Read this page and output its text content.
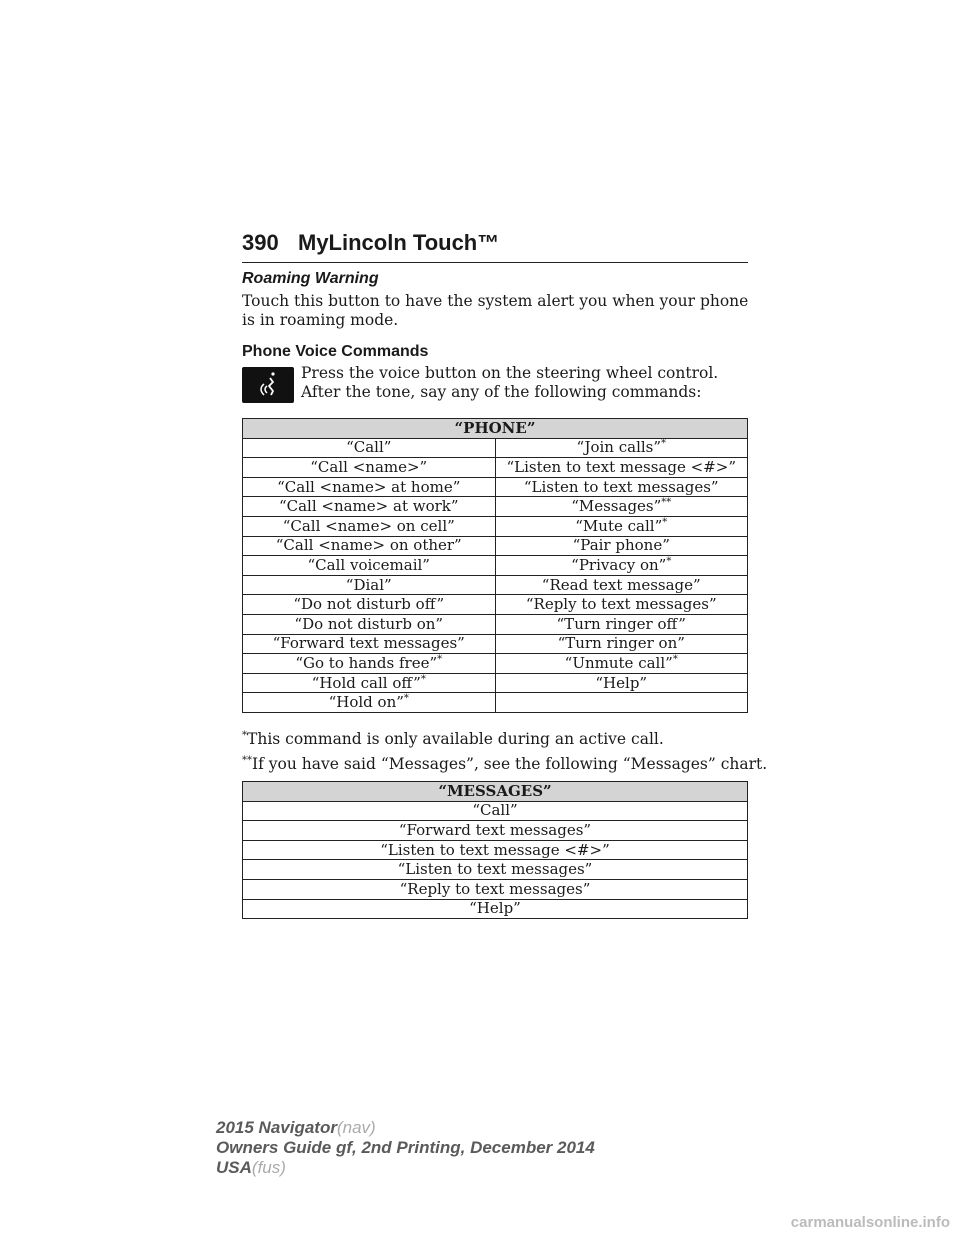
390 MyLincoln Touch™
Roaming Warning
Touch this button to have the system alert you when your phone is in roaming mode.
Phone Voice Commands
Press the voice button on the steering wheel control. After the tone, say any of the following commands:
“PHONE”	
“Call”	“Join calls”*
“Call <name>”	“Listen to text message <#>”
“Call <name> at home”	“Listen to text messages”
“Call <name> at work”	“Messages”**
“Call <name> on cell”	“Mute call”*
“Call <name> on other”	“Pair phone”
“Call voicemail”	“Privacy on”*
“Dial”	“Read text message”
“Do not disturb off”	“Reply to text messages”
“Do not disturb on”	“Turn ringer off”
“Forward text messages”	“Turn ringer on”
“Go to hands free”*	“Unmute call”*
“Hold call off”*	“Help”
“Hold on”*	
*This command is only available during an active call.
**If you have said “Messages”, see the following “Messages” chart.
“MESSAGES”
“Call”
“Forward text messages”
“Listen to text message <#>”
“Listen to text messages”
“Reply to text messages”
“Help”
2015 Navigator(nav)
Owners Guide gf, 2nd Printing, December 2014
USA(fus)
carmanualsonline.info
